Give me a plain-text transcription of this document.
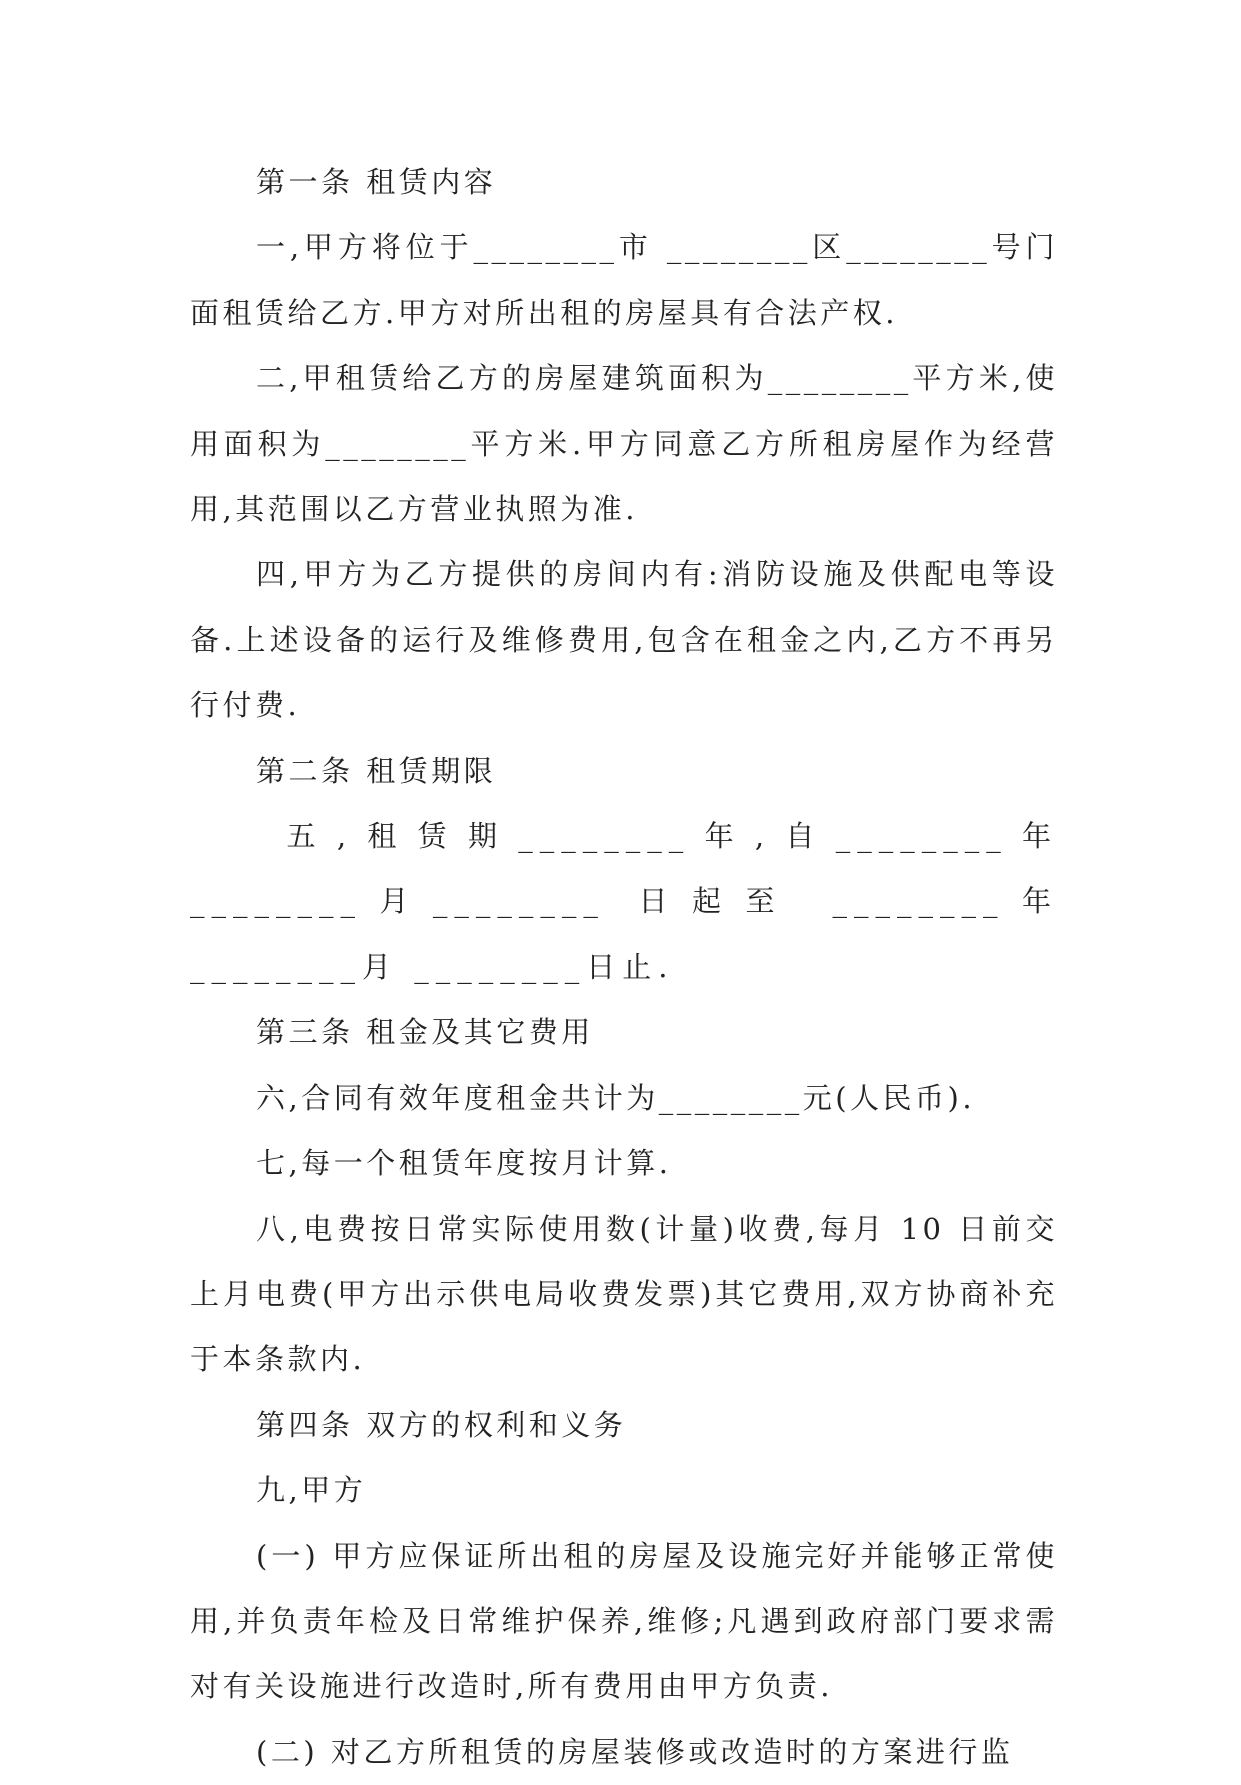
第一条 租赁内容

一,甲方将位于________市 ________区________号门面租赁给乙方.甲方对所出租的房屋具有合法产权.

二,甲租赁给乙方的房屋建筑面积为________平方米,使用面积为________平方米.甲方同意乙方所租房屋作为经营用,其范围以乙方营业执照为准.

四,甲方为乙方提供的房间内有:消防设施及供配电等设备.上述设备的运行及维修费用,包含在租金之内,乙方不再另行付费.

第二条 租赁期限

五,租赁期________年,自________年________月________ 日起至 ________年________月 ________日止.

第三条 租金及其它费用

六,合同有效年度租金共计为________元(人民币).

七,每一个租赁年度按月计算.

八,电费按日常实际使用数(计量)收费,每月 10 日前交上月电费(甲方出示供电局收费发票)其它费用,双方协商补充于本条款内.

第四条 双方的权利和义务

九,甲方

(一) 甲方应保证所出租的房屋及设施完好并能够正常使用,并负责年检及日常维护保养,维修;凡遇到政府部门要求需对有关设施进行改造时,所有费用由甲方负责.

(二) 对乙方所租赁的房屋装修或改造时的方案进行监
